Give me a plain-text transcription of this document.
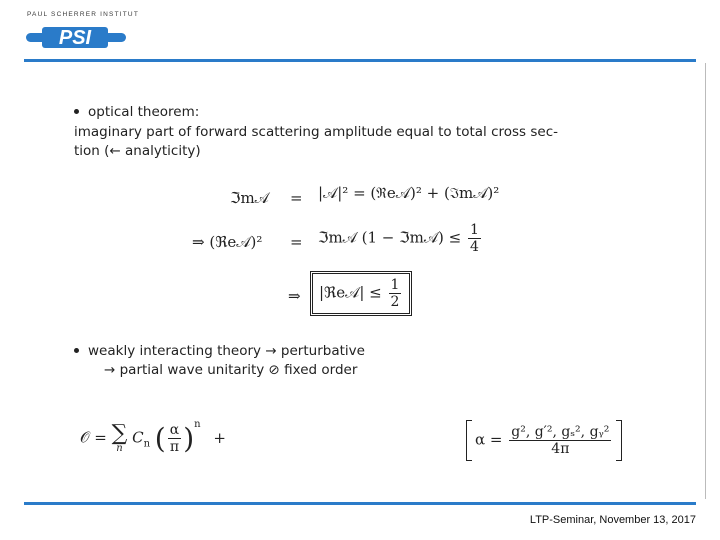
PSI
PAUL SCHERRER INSTITUT
optical theorem:
imaginary part of forward scattering amplitude equal to total cross sec-
tion (← analyticity)
ℑm𝒜 = |𝒜|² = (ℜe𝒜)² + (ℑm𝒜)²
⇒ (ℜe𝒜)² = ℑm𝒜 (1 − ℑm𝒜) ≤ $\frac{1}{4}$
⇒	|ℜe𝒜| ≤ $\frac{1}{2}$
weakly interacting theory → perturbative
→ partial wave unitarity ⊘ fixed order
𝒪 = ∑
n
$C_n$ ( $\frac{\alpha}{\pi} )^n$ +	$\alpha = \frac{\text{g², g′², gₛ², gᵧ²}}{4\pi}$
LTP-Seminar, November 13, 2017
